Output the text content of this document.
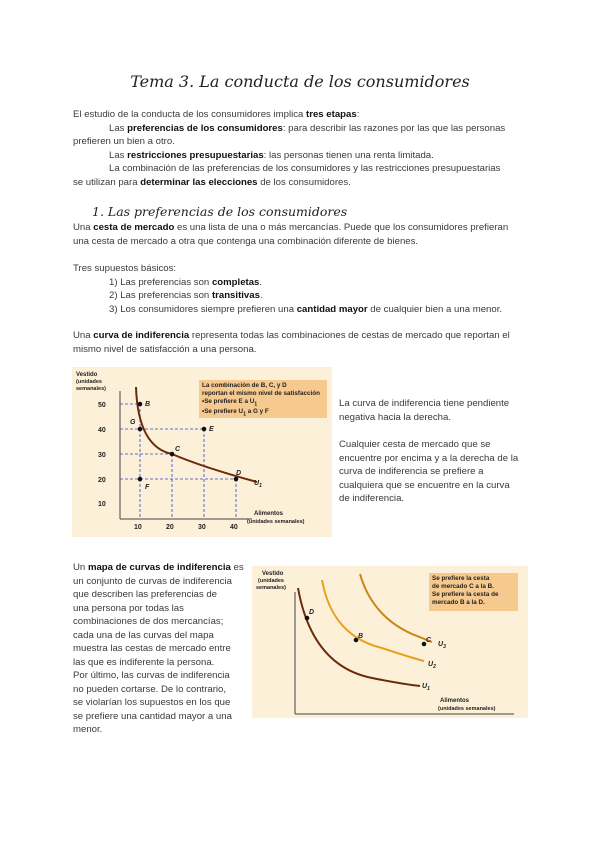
Tema 3. La conducta de los consumidores
El estudio de la conducta de los consumidores implica tres etapas:
Las preferencias de los consumidores: para describir las razones por las que las personas
prefieren un bien a otro.
Las restricciones presupuestarias: las personas tienen una renta limitada.
La combinación de las preferencias de los consumidores y las restricciones presupuestarias
se utilizan para determinar las elecciones de los consumidores.
1. Las preferencias de los consumidores
Una cesta de mercado es una lista de una o más mercancías. Puede que los consumidores prefieran
una cesta de mercado a otra que contenga una combinación diferente de bienes.
Tres supuestos básicos:
1) Las preferencias son completas.
2) Las preferencias son transitivas.
3) Los consumidores siempre prefieren una cantidad mayor de cualquier bien a una menor.
Una curva de indiferencia representa todas las combinaciones de cestas de mercado que reportan el
mismo nivel de satisfacción a una persona.
Vestido
(unidades
semanales)
50
40
30
20
10
10	20	30	40
B
G
E
C
D
F
$U_1$
Alimentos
(unidades semanales)
La combinación de B, C, y D
reportan el mismo nivel de satisfacción
•Se prefiere E a $U_1$
•Se prefiere $U_1$ a G y F
La curva de indiferencia tiene pendiente
negativa hacia la derecha.
Cualquier cesta de mercado que se
encuentre por encima y a la derecha de la
curva de indiferencia se prefiere a
cualquiera que se encuentre en la curva
de indiferencia.
Un mapa de curvas de indiferencia es
un conjunto de curvas de indiferencia
que describen las preferencias de
una persona por todas las
combinaciones de dos mercancías;
cada una de las curvas del mapa
muestra las cestas de mercado entre
las que es indiferente la persona.
Por último, las curvas de indiferencia
no pueden cortarse. De lo contrario,
se violarían los supuestos en los que
se prefiere una cantidad mayor a una
menor.
Vestido
(unidades
semanales)
D
B
C
$U_3$
$U_2$
$U_1$
Alimentos
(unidades semanales)
Se prefiere la cesta
de mercado C a la B.
Se prefiere la cesta de
mercado B a la D.
